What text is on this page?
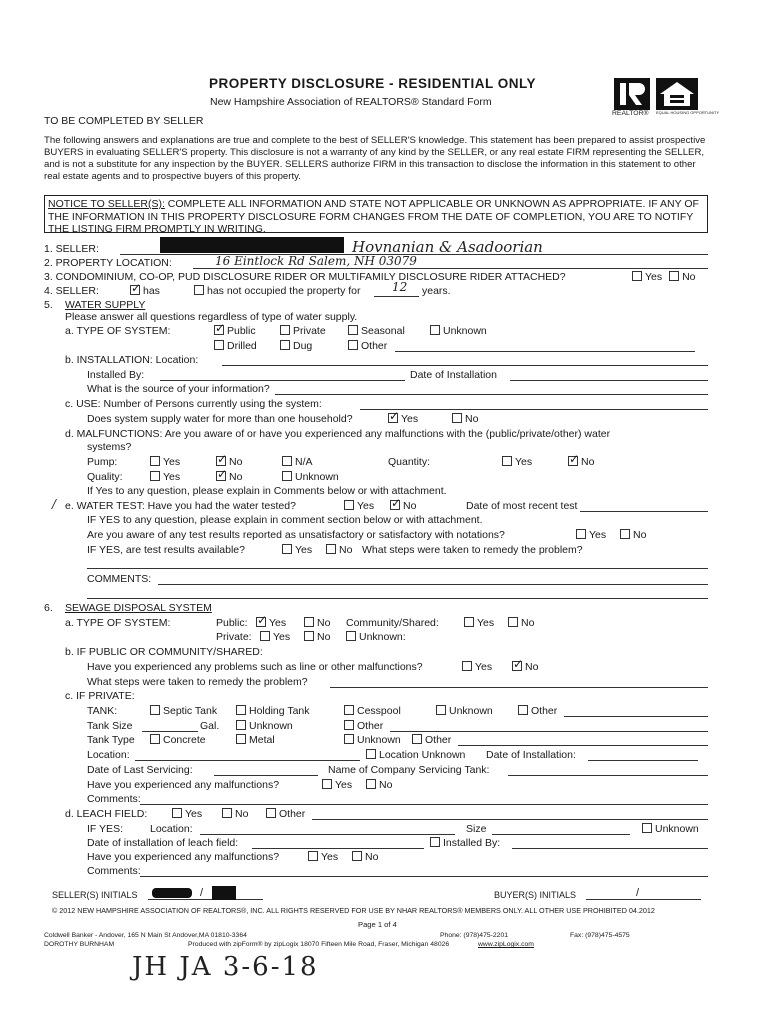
PROPERTY DISCLOSURE - RESIDENTIAL ONLY
New Hampshire Association of REALTORS® Standard Form
REALTOR® EQUAL HOUSING OPPORTUNITY
TO BE COMPLETED BY SELLER
The following answers and explanations are true and complete to the best of SELLER'S knowledge. This statement has been prepared to assist prospective BUYERS in evaluating SELLER'S property. This disclosure is not a warranty of any kind by the SELLER, or any real estate FIRM representing the SELLER, and is not a substitute for any inspection by the BUYER. SELLERS authorize FIRM in this transaction to disclose the information in this statement to other real estate agents and to prospective buyers of this property.
NOTICE TO SELLER(S): COMPLETE ALL INFORMATION AND STATE NOT APPLICABLE OR UNKNOWN AS APPROPRIATE. IF ANY OF THE INFORMATION IN THIS PROPERTY DISCLOSURE FORM CHANGES FROM THE DATE OF COMPLETION, YOU ARE TO NOTIFY THE LISTING FIRM PROMPTLY IN WRITING.
1. SELLER:	Hovnanian & Asadoorian
2. PROPERTY LOCATION:	16 Eintlock Rd Salem, NH 03079
3. CONDOMINIUM, CO-OP, PUD DISCLOSURE RIDER OR MULTIFAMILY DISCLOSURE RIDER ATTACHED?	Yes No
4. SELLER:	✓ has	has not occupied the property for	12 years.
5. WATER SUPPLY
Please answer all questions regardless of type of water supply.
a. TYPE OF SYSTEM:	✓ Public	Private	Seasonal	Unknown
Drilled	Dug	Other
b. INSTALLATION: Location:
Installed By:	Date of Installation
What is the source of your information?
c. USE: Number of Persons currently using the system:
Does system supply water for more than one household?	✓ Yes	No
d. MALFUNCTIONS: Are you aware of or have you experienced any malfunctions with the (public/private/other) water
systems?
Pump:	Yes	✓ No	N/A	Quantity:	Yes	✓ No
Quality:	Yes	✓ No	Unknown
If Yes to any question, please explain in Comments below or with attachment.
/ e. WATER TEST: Have you had the water tested?	Yes ✓ No	Date of most recent test
IF YES to any question, please explain in comment section below or with attachment.
Are you aware of any test results reported as unsatisfactory or satisfactory with notations?	Yes	No
IF YES, are test results available?	Yes	No What steps were taken to remedy the problem?
COMMENTS:
6. SEWAGE DISPOSAL SYSTEM
a. TYPE OF SYSTEM:	Public: ✓ Yes	No Community/Shared:	Yes	No
Private:	Yes	No	Unknown:
b. IF PUBLIC OR COMMUNITY/SHARED:
Have you experienced any problems such as line or other malfunctions?	Yes ✓ No
What steps were taken to remedy the problem?
c. IF PRIVATE:
TANK:	Septic Tank	Holding Tank	Cesspool	Unknown	Other
Tank Size	Gal.	Unknown	Other
Tank Type	Concrete	Metal	Unknown	Other
Location:	Location Unknown Date of Installation:
Date of Last Servicing:	Name of Company Servicing Tank:
Have you experienced any malfunctions?	Yes	No
Comments:
d. LEACH FIELD:	Yes	No	Other
IF YES:	Location:	Size	Unknown
Date of installation of leach field:	Installed By:
Have you experienced any malfunctions?	Yes	No
Comments:
SELLER(S) INITIALS	/	BUYER(S) INITIALS	/
© 2012 NEW HAMPSHIRE ASSOCIATION OF REALTORS®, INC. ALL RIGHTS RESERVED FOR USE BY NHAR REALTORS® MEMBERS ONLY. ALL OTHER USE PROHIBITED 04.2012
Page 1 of 4
Coldwell Banker - Andover, 165 N Main St Andover,MA 01810-3364	Phone: (978)475-2201	Fax: (978)475-4575
DOROTHY BURNHAM	Produced with zipForm® by zipLogix 18070 Fifteen Mile Road, Fraser, Michigan 48026	www.zipLogix.com
JH JA 3-6-18
